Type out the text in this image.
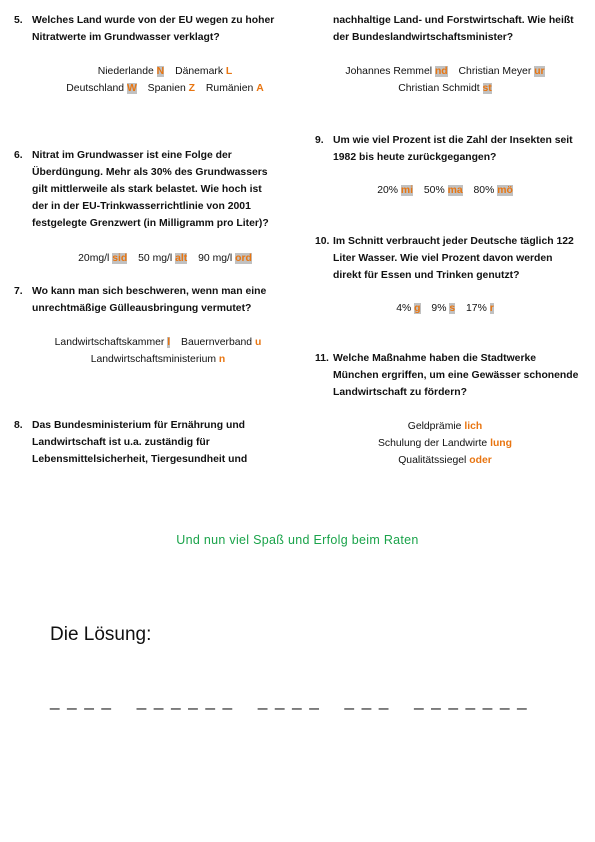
5. Welches Land wurde von der EU wegen zu hoher
Nitratwerte im Grundwasser verklagt?
Niederlande N Dänemark L
Deutschland W Spanien Z Rumänien A
6. Nitrat im Grundwasser ist eine Folge der
Überdüngung. Mehr als 30% des Grundwassers
gilt mittlerweile als stark belastet. Wie hoch ist
der in der EU-Trinkwasserrichtlinie von 2001
festgelegte Grenzwert (in Milligramm pro Liter)?
20mg/l sid 50 mg/l alt 90 mg/l ord
7. Wo kann man sich beschweren, wenn man eine
unrechtmäßige Gülleausbringung vermutet?
Landwirtschaftskammer l Bauernverband u
Landwirtschaftsministerium n
8. Das Bundesministerium für Ernährung und
Landwirtschaft ist u.a. zuständig für
Lebensmittelsicherheit, Tiergesundheit und
nachhaltige Land- und Forstwirtschaft. Wie heißt
der Bundeslandwirtschaftsminister?
Johannes Remmel nd Christian Meyer ur
Christian Schmidt st
9. Um wie viel Prozent ist die Zahl der Insekten seit
1982 bis heute zurückgegangen?
20% mi 50% ma 80% mö
10. Im Schnitt verbraucht jeder Deutsche täglich 122
Liter Wasser. Wie viel Prozent davon werden
direkt für Essen und Trinken genutzt?
4% g 9% s 17% r
11. Welche Maßnahme haben die Stadtwerke
München ergriffen, um eine Gewässer schonende
Landwirtschaft zu fördern?
Geldprämie lich
Schulung der Landwirte lung
Qualitätssiegel oder
Und nun viel Spaß und Erfolg beim Raten
Die Lösung:
_ _ _ _ _ _ _ _ _ _ _ _ _ _ _ _ _ _ _ _ _ _ _ _
